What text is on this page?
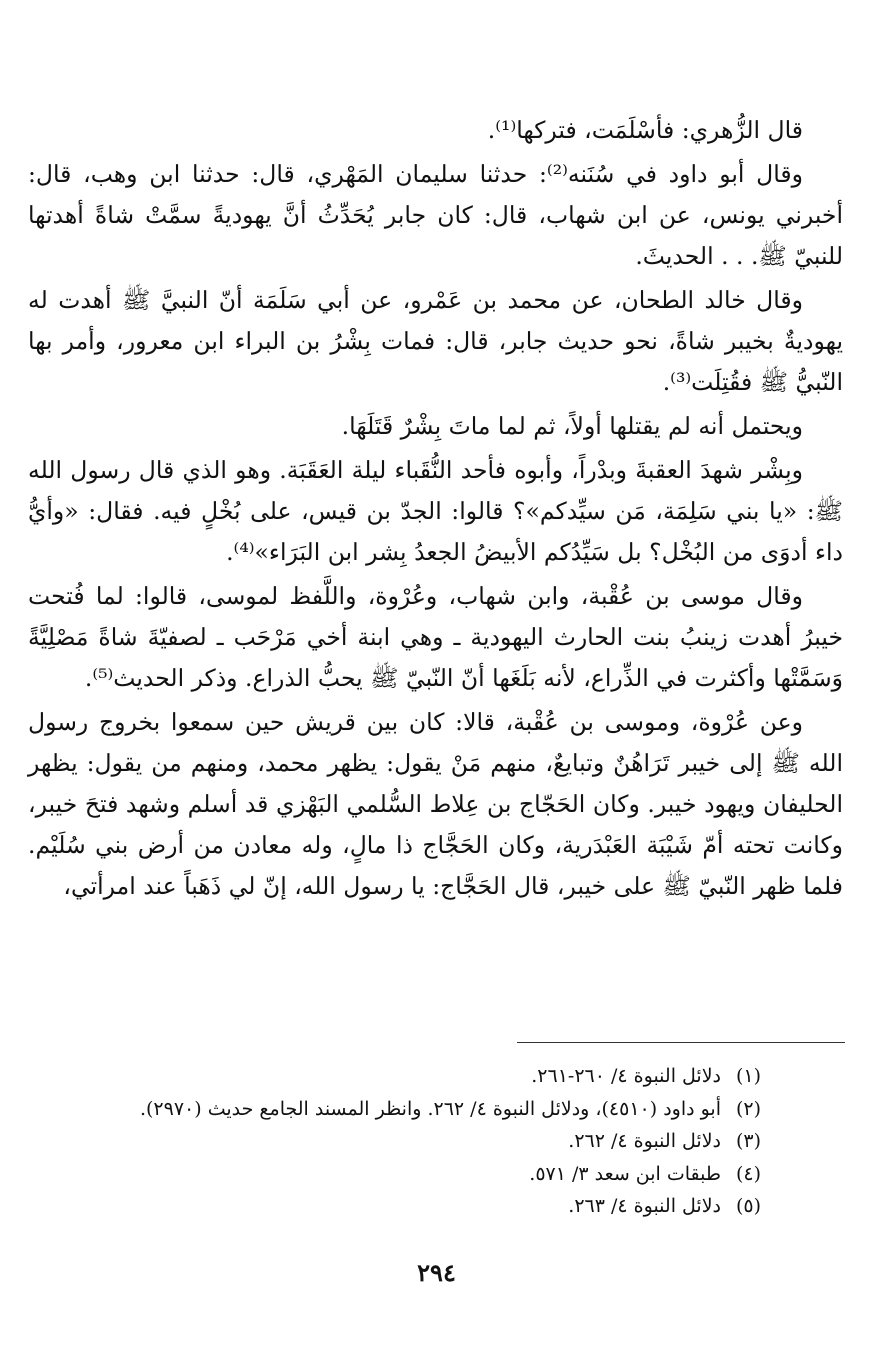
قال الزُّهري: فأسْلَمَت، فتركها⁽¹⁾.

وقال أبو داود في سُنَنه⁽²⁾: حدثنا سليمان المَهْري، قال: حدثنا ابن وهب، قال: أخبرني يونس، عن ابن شهاب، قال: كان جابر يُحَدِّثُ أنَّ يهوديةً سمَّتْ شاةً أهدتها للنبيّ ﷺ. . . الحديثَ.

وقال خالد الطحان، عن محمد بن عَمْرو، عن أبي سَلَمَة أنّ النبيَّ ﷺ أهدت له يهوديةٌ بخيبر شاةً، نحو حديث جابر، قال: فمات بِشْرُ بن البراء ابن معرور، وأمر بها النّبيُّ ﷺ فقُتِلَت⁽³⁾.

ويحتمل أنه لم يقتلها أولاً، ثم لما ماتَ بِشْرٌ قَتَلَهَا.

وبِشْر شهدَ العقبةَ وبدْراً، وأبوه فأحد النُّقَباء ليلة العَقَبَة. وهو الذي قال رسول الله ﷺ: «يا بني سَلِمَة، مَن سيِّدكم»؟ قالوا: الجدّ بن قيس، على بُخْلٍ فيه. فقال: «وأيُّ داء أدوَى من البُخْل؟ بل سَيِّدُكم الأبيضُ الجعدُ بِشر ابن البَرَاء»⁽⁴⁾.

وقال موسى بن عُقْبة، وابن شهاب، وعُرْوة، واللَّفظ لموسى، قالوا: لما فُتحت خيبرُ أهدت زينبُ بنت الحارث اليهودية ـ وهي ابنة أخي مَرْحَب ـ لصفيّةَ شاةً مَصْلِيَّةً وَسَمَّتْها وأكثرت في الذِّراع، لأنه بَلَغَها أنّ النّبيّ ﷺ يحبُّ الذراع. وذكر الحديث⁽⁵⁾.

وعن عُرْوة، وموسى بن عُقْبة، قالا: كان بين قريش حين سمعوا بخروج رسول الله ﷺ إلى خيبر تَرَاهُنٌ وتبايعٌ، منهم مَنْ يقول: يظهر محمد، ومنهم من يقول: يظهر الحليفان ويهود خيبر. وكان الحَجّاج بن عِلاط السُّلمي البَهْزي قد أسلم وشهد فتحَ خيبر، وكانت تحته أمّ شَيْبَة العَبْدَرية، وكان الحَجَّاج ذا مالٍ، وله معادن من أرض بني سُلَيْم. فلما ظهر النّبيّ ﷺ على خيبر، قال الحَجَّاج: يا رسول الله، إنّ لي ذَهَباً عند امرأتي،

(١)
دلائل النبوة ٤/ ٢٦٠-٢٦١.
(٢)
أبو داود (٤٥١٠)، ودلائل النبوة ٤/ ٢٦٢. وانظر المسند الجامع حديث (٢٩٧٠).
(٣)
دلائل النبوة ٤/ ٢٦٢.
(٤)
طبقات ابن سعد ٣/ ٥٧١.
(٥)
دلائل النبوة ٤/ ٢٦٣.
٢٩٤
